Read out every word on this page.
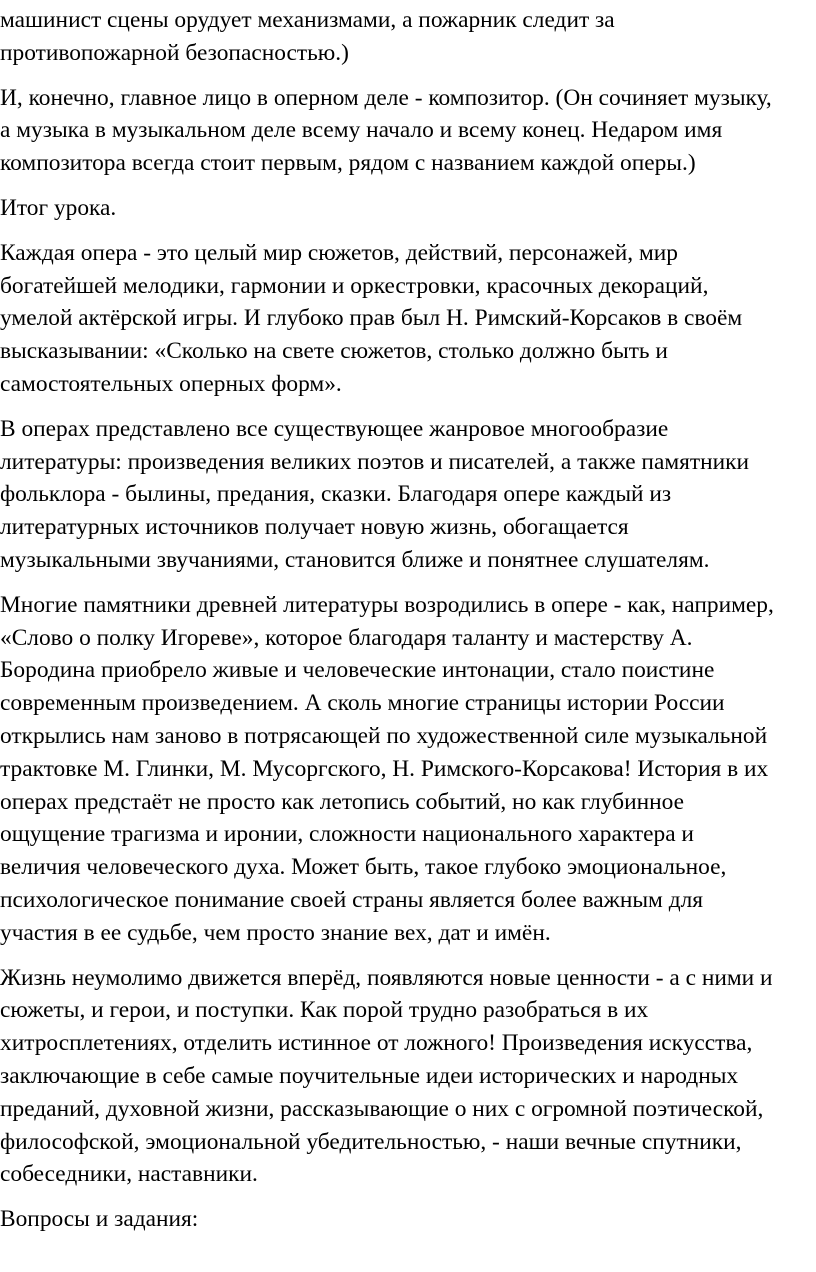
машинист сцены орудует механизмами, а пожарник следит за
противопожарной безопасностью.)

И, конечно, главное лицо в оперном деле - композитор. (Он сочиняет музыку,
а музыка в музыкальном деле всему начало и всему конец. Недаром имя
композитора всегда стоит первым, рядом с названием каждой оперы.)

Итог урока.

Каждая опера - это целый мир сюжетов, действий, персонажей, мир
богатейшей мелодики, гармонии и оркестровки, красочных декораций,
умелой актёрской игры. И глубоко прав был Н. Римский-Корсаков в своём
высказывании: «Сколько на свете сюжетов, столько должно быть и
самостоятельных оперных форм».

В операх представлено все существующее жанровое многообразие
литературы: произведения великих поэтов и писателей, а также памятники
фольклора - былины, предания, сказки. Благодаря опере каждый из
литературных источников получает новую жизнь, обогащается
музыкальными звучаниями, становится ближе и понятнее слушателям.

Многие памятники древней литературы возродились в опере - как, например,
«Слово о полку Игореве», которое благодаря таланту и мастерству А.
Бородина приобрело живые и человеческие интонации, стало поистине
современным произведением. А сколь многие страницы истории России
открылись нам заново в потрясающей по художественной силе музыкальной
трактовке М. Глинки, М. Мусоргского, Н. Римского-Корсакова! История в их
операх предстаёт не просто как летопись событий, но как глубинное
ощущение трагизма и иронии, сложности национального характера и
величия человеческого духа. Может быть, такое глубоко эмоциональное,
психологическое понимание своей страны является более важным для
участия в ее судьбе, чем просто знание вех, дат и имён.

Жизнь неумолимо движется вперёд, появляются новые ценности - а с ними и
сюжеты, и герои, и поступки. Как порой трудно разобраться в их
хитросплетениях, отделить истинное от ложного! Произведения искусства,
заключающие в себе самые поучительные идеи исторических и народных
преданий, духовной жизни, рассказывающие о них с огромной поэтической,
философской, эмоциональной убедительностью, - наши вечные спутники,
собеседники, наставники.

Вопросы и задания:
